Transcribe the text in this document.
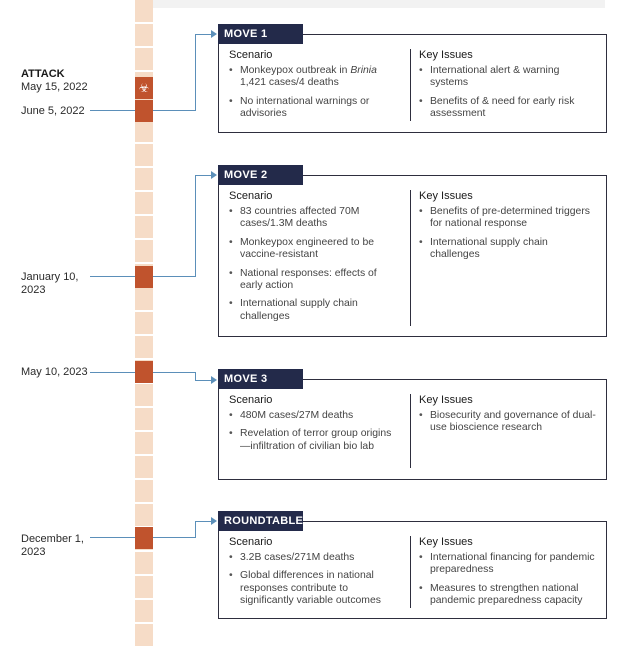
☣
ATTACK
May 15, 2022
June 5, 2022
January 10,
2023
May 10, 2023
December 1,
2023
Scenario
• Monkeypox outbreak in Brinia
1,421 cases/4 deaths
• No international warnings or advisories
Key Issues
• International alert & warning systems
• Benefits of & need for early risk assessment
MOVE 1
Scenario
• 83 countries affected 70M cases/1.3M deaths
• Monkeypox engineered to be vaccine-resistant
• National responses: effects of early action
• International supply chain challenges
Key Issues
• Benefits of pre-determined triggers for national response
• International supply chain challenges
MOVE 2
Scenario
• 480M cases/27M deaths
• Revelation of terror group origins—infiltration of civilian bio lab
Key Issues
• Biosecurity and governance of dual-use bioscience research
MOVE 3
Scenario
• 3.2B cases/271M deaths
• Global differences in national responses contribute to significantly variable outcomes
Key Issues
• International financing for pandemic preparedness
• Measures to strengthen national pandemic preparedness capacity
ROUNDTABLE
